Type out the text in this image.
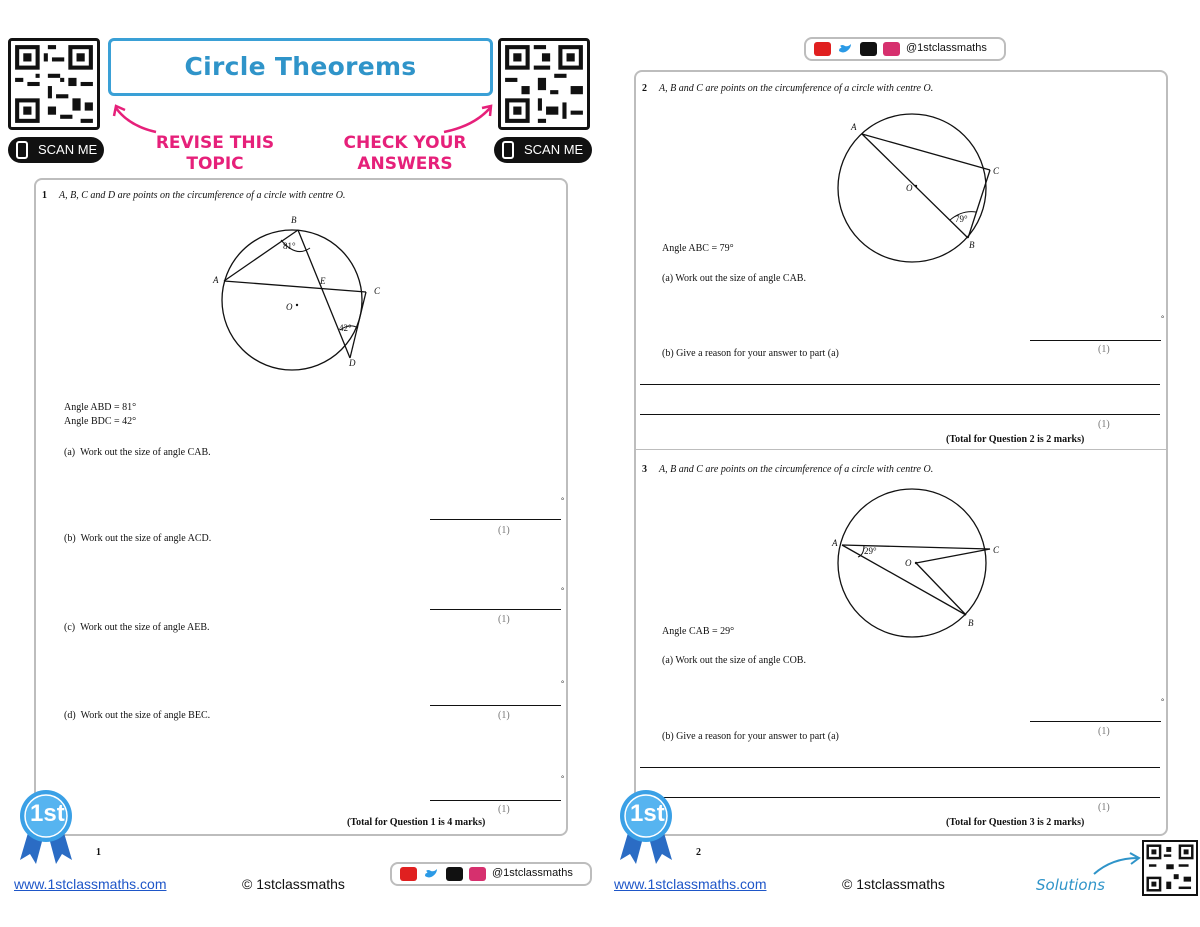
SCAN ME
Circle Theorems
REVISE THIS
TOPIC
CHECK YOUR
ANSWERS
SCAN ME
1 A, B, C and D are points on the circumference of a circle with centre O.
B
A
C
D
E
O
81°
42°
Angle ABD = 81°
Angle BDC = 42°
(a) Work out the size of angle CAB.
°
(1)
(b) Work out the size of angle ACD.
°
(1)
(c) Work out the size of angle AEB.
°
(1)
(d) Work out the size of angle BEC.
°
(1)
(Total for Question 1 is 4 marks)
1st
1
www.1stclassmaths.com	© 1stclassmaths
@1stclassmaths
@1stclassmaths
2 A, B and C are points on the circumference of a circle with centre O.
A
C
B
O
79°
Angle ABC = 79°
(a) Work out the size of angle CAB.
°
(1)
(b) Give a reason for your answer to part (a)
(1)
(Total for Question 2 is 2 marks)
3 A, B and C are points on the circumference of a circle with centre O.
A
C
B
O
29°
Angle CAB = 29°
(a) Work out the size of angle COB.
°
(1)
(b) Give a reason for your answer to part (a)
(1)
(Total for Question 3 is 2 marks)
1st
2
www.1stclassmaths.com	© 1stclassmaths	Solutions
